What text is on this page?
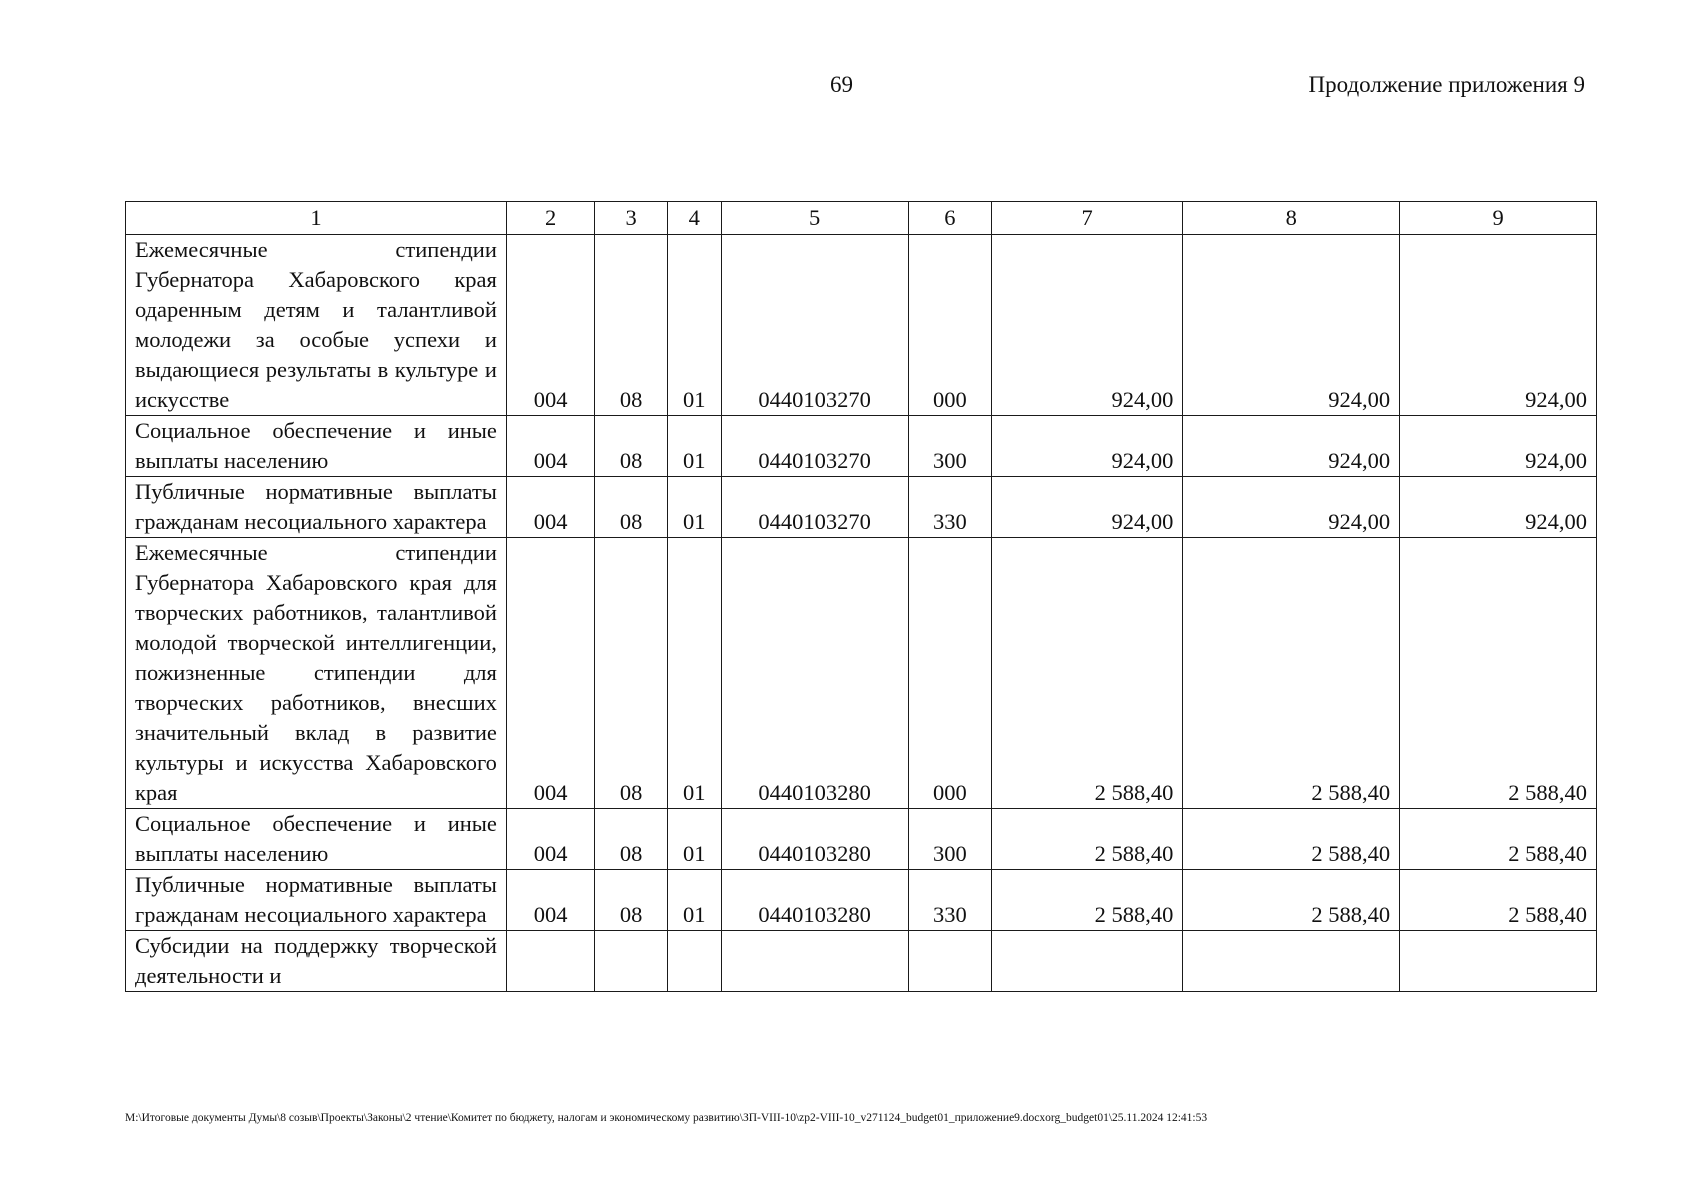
69	Продолжение приложения 9
1	2	3	4	5	6	7	8	9
Ежемесячные стипендии Губернатора Хабаровского края одаренным детям и талантливой молодежи за особые успехи и выдающиеся результаты в культуре и искусстве	004	08	01	0440103270	000	924,00	924,00	924,00
Социальное обеспечение и иные выплаты населению	004	08	01	0440103270	300	924,00	924,00	924,00
Публичные нормативные выплаты гражданам несоциального характера	004	08	01	0440103270	330	924,00	924,00	924,00
Ежемесячные стипендии Губернатора Хабаровского края для творческих работников, талантливой молодой творческой интеллигенции, пожизненные стипендии для творческих работников, внесших значительный вклад в развитие культуры и искусства Хабаровского края	004	08	01	0440103280	000	2 588,40	2 588,40	2 588,40
Социальное обеспечение и иные выплаты населению	004	08	01	0440103280	300	2 588,40	2 588,40	2 588,40
Публичные нормативные выплаты гражданам несоциального характера	004	08	01	0440103280	330	2 588,40	2 588,40	2 588,40
Субсидии на поддержку творческой деятельности и								
M:\Итоговые документы Думы\8 созыв\Проекты\Законы\2 чтение\Комитет по бюджету, налогам и экономическому развитию\ЗП-VIII-10\zp2-VIII-10_v271124_budget01_приложение9.docxorg_budget01\25.11.2024 12:41:53
